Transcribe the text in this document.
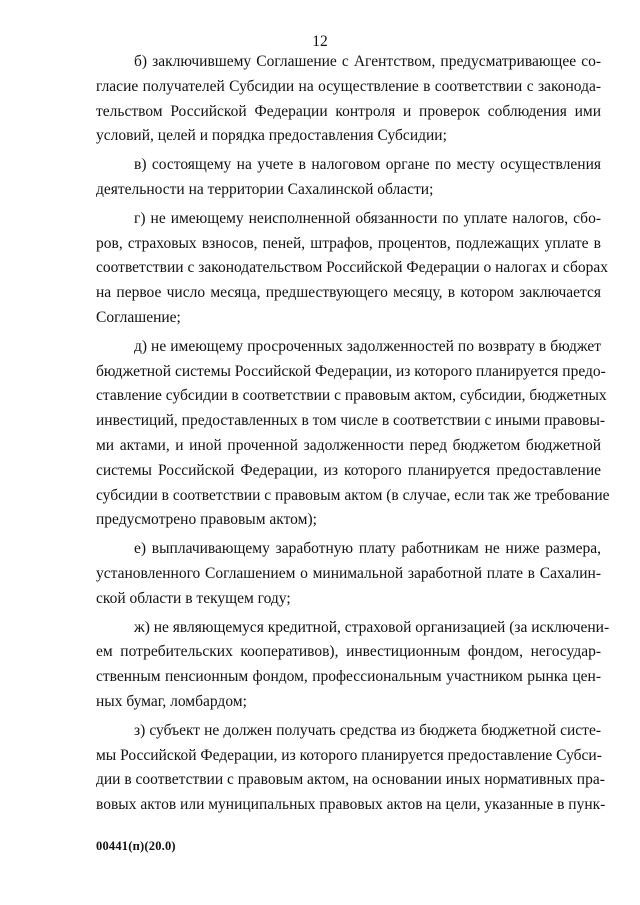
12
б) заключившему Соглашение с Агентством, предусматривающее со-
гласие получателей Субсидии на осуществление в соответствии с законода-
тельством Российской Федерации контроля и проверок соблюдения ими
условий, целей и порядка предоставления Субсидии;
в) состоящему на учете в налоговом органе по месту осуществления
деятельности на территории Сахалинской области;
г) не имеющему неисполненной обязанности по уплате налогов, сбо-
ров, страховых взносов, пеней, штрафов, процентов, подлежащих уплате в
соответствии с законодательством Российской Федерации о налогах и сборах
на первое число месяца, предшествующего месяцу, в котором заключается
Соглашение;
д) не имеющему просроченных задолженностей по возврату в бюджет
бюджетной системы Российской Федерации, из которого планируется предо-
ставление субсидии в соответствии с правовым актом, субсидии, бюджетных
инвестиций, предоставленных в том числе в соответствии с иными правовы-
ми актами, и иной проченной задолженности перед бюджетом бюджетной
системы Российской Федерации, из которого планируется предоставление
субсидии в соответствии с правовым актом (в случае, если так же требование
предусмотрено правовым актом);
е) выплачивающему заработную плату работникам не ниже размера,
установленного Соглашением о минимальной заработной плате в Сахалин-
ской области в текущем году;
ж) не являющемуся кредитной, страховой организацией (за исключени-
ем потребительских кооперативов), инвестиционным фондом, негосудар-
ственным пенсионным фондом, профессиональным участником рынка цен-
ных бумаг, ломбардом;
з) субъект не должен получать средства из бюджета бюджетной систе-
мы Российской Федерации, из которого планируется предоставление Субси-
дии в соответствии с правовым актом, на основании иных нормативных пра-
вовых актов или муниципальных правовых актов на цели, указанные в пунк-
00441(п)(20.0)
